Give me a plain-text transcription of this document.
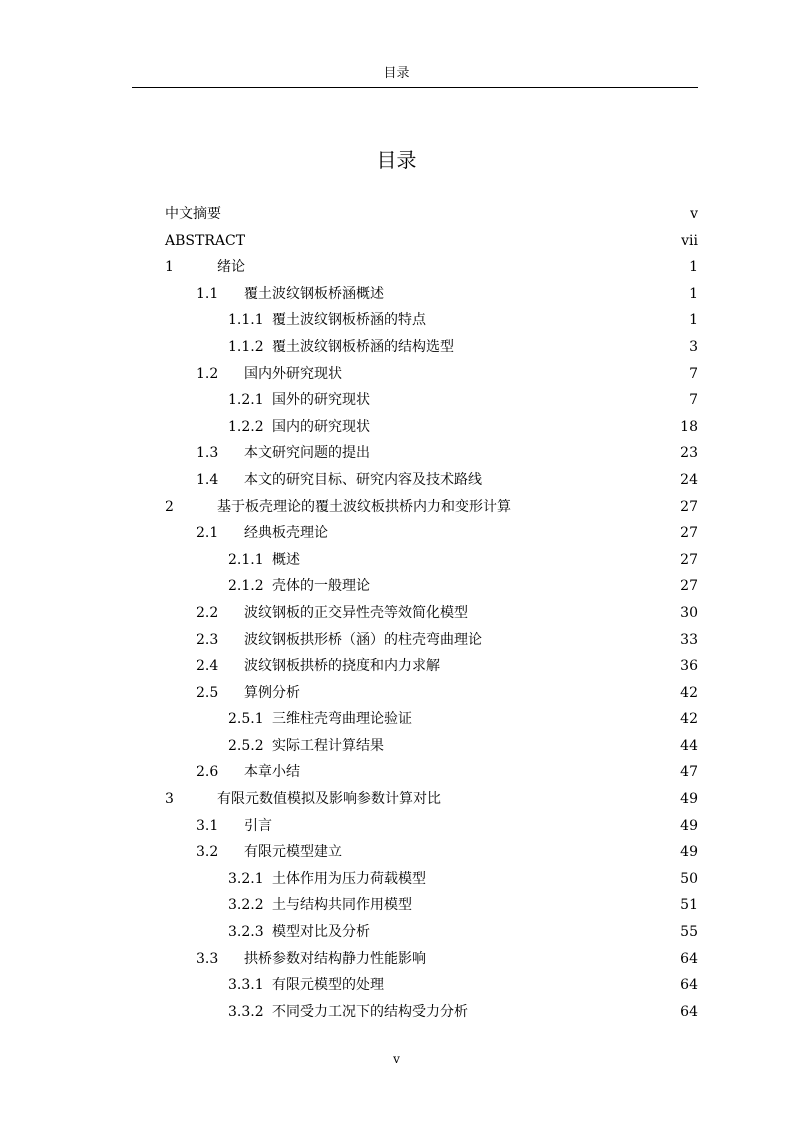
目录
目录
中文摘要	v
ABSTRACT	vii
1	绪论	1
1.1	覆土波纹钢板桥涵概述	1
1.1.1 覆土波纹钢板桥涵的特点	1
1.1.2 覆土波纹钢板桥涵的结构选型	3
1.2	国内外研究现状	7
1.2.1 国外的研究现状	7
1.2.2 国内的研究现状	18
1.3	本文研究问题的提出	23
1.4	本文的研究目标、研究内容及技术路线	24
2	基于板壳理论的覆土波纹板拱桥内力和变形计算	27
2.1	经典板壳理论	27
2.1.1 概述	27
2.1.2 壳体的一般理论	27
2.2	波纹钢板的正交异性壳等效简化模型	30
2.3	波纹钢板拱形桥（涵）的柱壳弯曲理论	33
2.4	波纹钢板拱桥的挠度和内力求解	36
2.5	算例分析	42
2.5.1 三维柱壳弯曲理论验证	42
2.5.2 实际工程计算结果	44
2.6	本章小结	47
3	有限元数值模拟及影响参数计算对比	49
3.1	引言	49
3.2	有限元模型建立	49
3.2.1 土体作用为压力荷载模型	50
3.2.2 土与结构共同作用模型	51
3.2.3 模型对比及分析	55
3.3	拱桥参数对结构静力性能影响	64
3.3.1 有限元模型的处理	64
3.3.2 不同受力工况下的结构受力分析	64
v
